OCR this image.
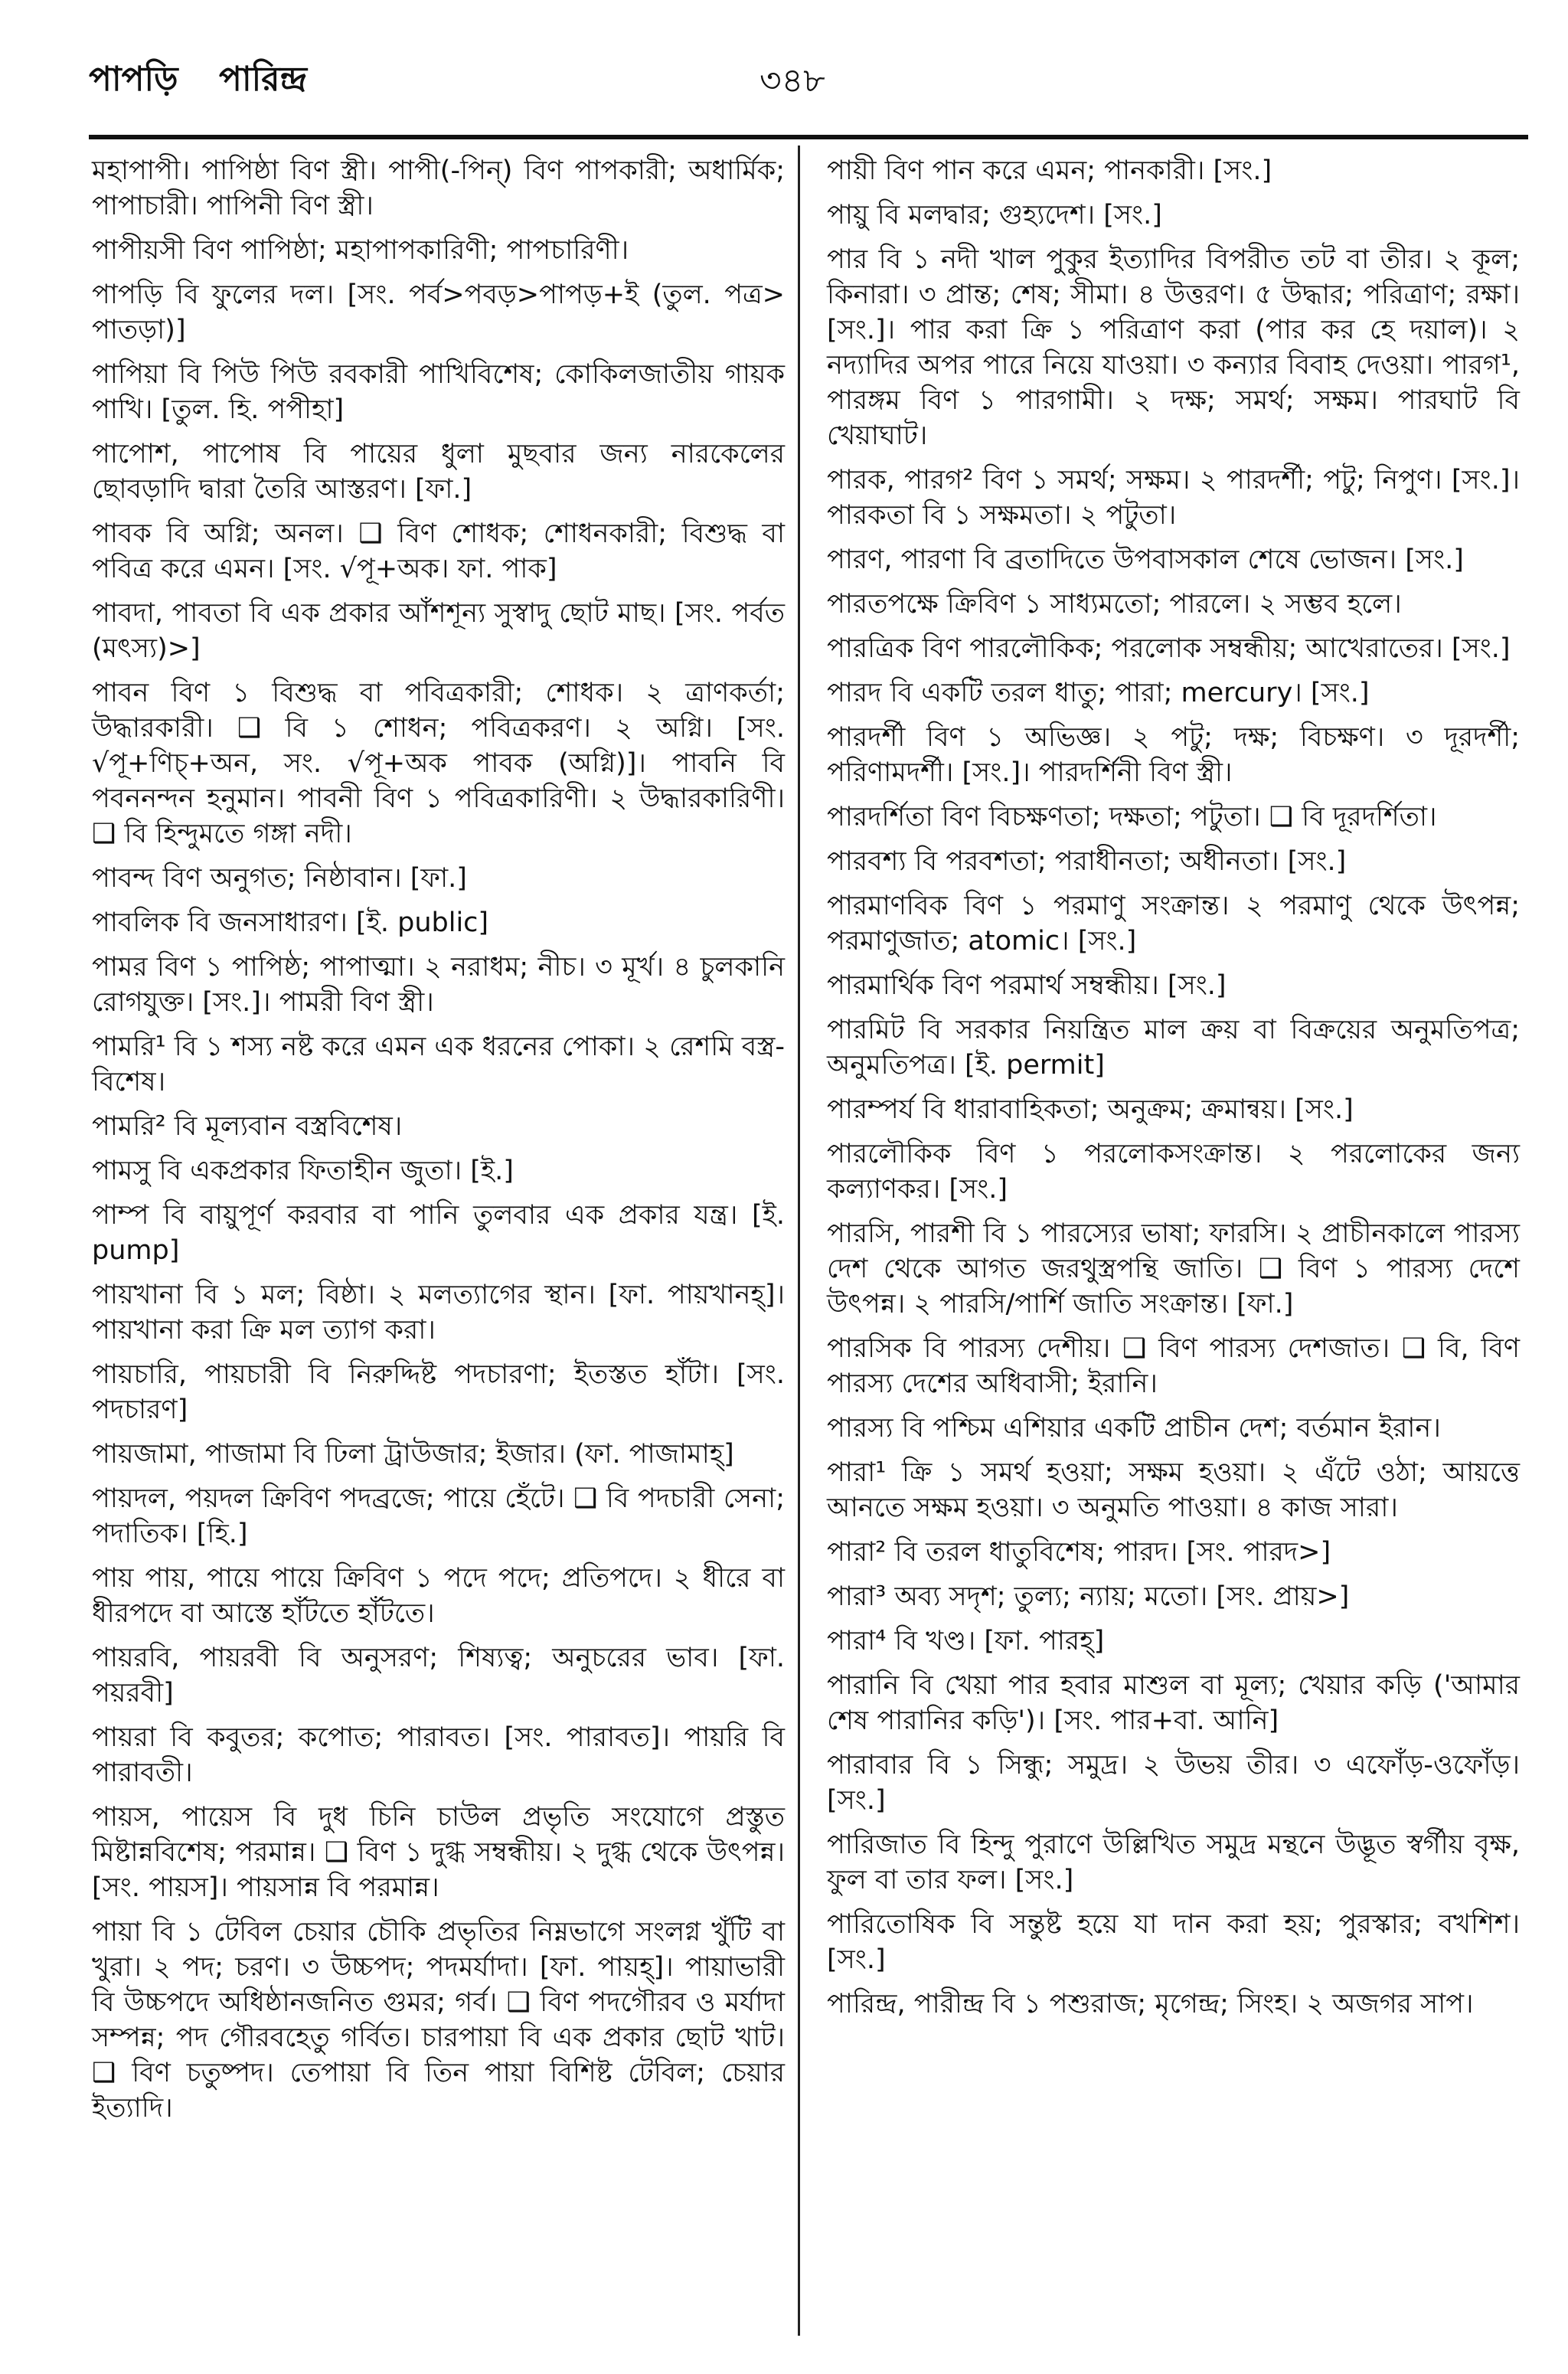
পাপড়ি পারিন্দ্র	৩৪৮

মহাপাপী। পাপিষ্ঠা বিণ স্ত্রী। পাপী(-পিন্‌) বিণ পাপকারী; অধার্মিক; পাপাচারী। পাপিনী বিণ স্ত্রী।

পাপীয়সী বিণ পাপিষ্ঠা; মহাপাপকারিণী; পাপচারিণী।

পাপড়ি বি ফুলের দল। [সং. পর্ব>পবড়>পাপড়+ই (তুল. পত্র> পাতড়া)]

পাপিয়া বি পিউ পিউ রবকারী পাখিবিশেষ; কোকিলজাতীয় গায়ক পাখি। [তুল. হি. পপীহা]

পাপোশ, পাপোষ বি পায়ের ধুলা মুছবার জন্য নারকেলের ছোবড়াদি দ্বারা তৈরি আস্তরণ। [ফা.]

পাবক বি অগ্নি; অনল। ❑ বিণ শোধক; শোধনকারী; বিশুদ্ধ বা পবিত্র করে এমন। [সং. √পূ+অক। ফা. পাক]

পাবদা, পাবতা বি এক প্রকার আঁশশূন্য সুস্বাদু ছোট মাছ। [সং. পর্বত (মৎস্য)>]

পাবন বিণ ১ বিশুদ্ধ বা পবিত্রকারী; শোধক। ২ ত্রাণকর্তা; উদ্ধারকারী। ❑ বি ১ শোধন; পবিত্রকরণ। ২ অগ্নি। [সং. √পূ+ণিচ্‌+অন, সং. √পূ+অক পাবক (অগ্নি)]। পাবনি বি পবননন্দন হনুমান। পাবনী বিণ ১ পবিত্রকারিণী। ২ উদ্ধারকারিণী। ❑ বি হিন্দুমতে গঙ্গা নদী।

পাবন্দ বিণ অনুগত; নিষ্ঠাবান। [ফা.]

পাবলিক বি জনসাধারণ। [ই. public]

পামর বিণ ১ পাপিষ্ঠ; পাপাত্মা। ২ নরাধম; নীচ। ৩ মূর্খ। ৪ চুলকানি রোগযুক্ত। [সং.]। পামরী বিণ স্ত্রী।

পামরি¹ বি ১ শস্য নষ্ট করে এমন এক ধরনের পোকা। ২ রেশমি বস্ত্র-বিশেষ।

পামরি² বি মূল্যবান বস্ত্রবিশেষ।

পামসু বি একপ্রকার ফিতাহীন জুতা। [ই.]

পাম্প বি বায়ুপূর্ণ করবার বা পানি তুলবার এক প্রকার যন্ত্র। [ই. pump]

পায়খানা বি ১ মল; বিষ্ঠা। ২ মলত্যাগের স্থান। [ফা. পায়খানহ্‌]। পায়খানা করা ক্রি মল ত্যাগ করা।

পায়চারি, পায়চারী বি নিরুদ্দিষ্ট পদচারণা; ইতস্তত হাঁটা। [সং. পদচারণ]

পায়জামা, পাজামা বি ঢিলা ট্রাউজার; ইজার। (ফা. পাজামাহ্‌]

পায়দল, পয়দল ক্রিবিণ পদব্রজে; পায়ে হেঁটে। ❑ বি পদচারী সেনা; পদাতিক। [হি.]

পায় পায়, পায়ে পায়ে ক্রিবিণ ১ পদে পদে; প্রতিপদে। ২ ধীরে বা ধীরপদে বা আস্তে হাঁটতে হাঁটতে।

পায়রবি, পায়রবী বি অনুসরণ; শিষ্যত্ব; অনুচরের ভাব। [ফা. পয়রবী]

পায়রা বি কবুতর; কপোত; পারাবত। [সং. পারাবত]। পায়রি বি পারাবতী।

পায়স, পায়েস বি দুধ চিনি চাউল প্রভৃতি সংযোগে প্রস্তুত মিষ্টান্নবিশেষ; পরমান্ন। ❑ বিণ ১ দুগ্ধ সম্বন্ধীয়। ২ দুগ্ধ থেকে উৎপন্ন। [সং. পায়স]। পায়সান্ন বি পরমান্ন।

পায়া বি ১ টেবিল চেয়ার চৌকি প্রভৃতির নিম্নভাগে সংলগ্ন খুঁটি বা খুরা। ২ পদ; চরণ। ৩ উচ্চপদ; পদমর্যাদা। [ফা. পায়হ্‌]। পায়াভারী বি উচ্চপদে অধিষ্ঠানজনিত গুমর; গর্ব। ❑ বিণ পদগৌরব ও মর্যাদা সম্পন্ন; পদ গৌরবহেতু গর্বিত। চারপায়া বি এক প্রকার ছোট খাট। ❑ বিণ চতুষ্পদ। তেপায়া বি তিন পায়া বিশিষ্ট টেবিল; চেয়ার ইত্যাদি।

পায়ী বিণ পান করে এমন; পানকারী। [সং.]

পায়ু বি মলদ্বার; গুহ্যদেশ। [সং.]

পার বি ১ নদী খাল পুকুর ইত্যাদির বিপরীত তট বা তীর। ২ কূল; কিনারা। ৩ প্রান্ত; শেষ; সীমা। ৪ উত্তরণ। ৫ উদ্ধার; পরিত্রাণ; রক্ষা। [সং.]। পার করা ক্রি ১ পরিত্রাণ করা (পার কর হে দয়াল)। ২ নদ্যাদির অপর পারে নিয়ে যাওয়া। ৩ কন্যার বিবাহ দেওয়া। পারগ¹, পারঙ্গম বিণ ১ পারগামী। ২ দক্ষ; সমর্থ; সক্ষম। পারঘাট বি খেয়াঘাট।

পারক, পারগ² বিণ ১ সমর্থ; সক্ষম। ২ পারদর্শী; পটু; নিপুণ। [সং.]। পারকতা বি ১ সক্ষমতা। ২ পটুতা।

পারণ, পারণা বি ব্রতাদিতে উপবাসকাল শেষে ভোজন। [সং.]

পারতপক্ষে ক্রিবিণ ১ সাধ্যমতো; পারলে। ২ সম্ভব হলে।

পারত্রিক বিণ পারলৌকিক; পরলোক সম্বন্ধীয়; আখেরাতের। [সং.]

পারদ বি একটি তরল ধাতু; পারা; mercury। [সং.]

পারদর্শী বিণ ১ অভিজ্ঞ। ২ পটু; দক্ষ; বিচক্ষণ। ৩ দূরদর্শী; পরিণামদর্শী। [সং.]। পারদর্শিনী বিণ স্ত্রী।

পারদর্শিতা বিণ বিচক্ষণতা; দক্ষতা; পটুতা। ❑ বি দূরদর্শিতা।

পারবশ্য বি পরবশতা; পরাধীনতা; অধীনতা। [সং.]

পারমাণবিক বিণ ১ পরমাণু সংক্রান্ত। ২ পরমাণু থেকে উৎপন্ন; পরমাণুজাত; atomic। [সং.]

পারমার্থিক বিণ পরমার্থ সম্বন্ধীয়। [সং.]

পারমিট বি সরকার নিয়ন্ত্রিত মাল ক্রয় বা বিক্রয়ের অনুমতিপত্র; অনুমতিপত্র। [ই. permit]

পারম্পর্য বি ধারাবাহিকতা; অনুক্রম; ক্রমান্বয়। [সং.]

পারলৌকিক বিণ ১ পরলোকসংক্রান্ত। ২ পরলোকের জন্য কল্যাণকর। [সং.]

পারসি, পারশী বি ১ পারস্যের ভাষা; ফারসি। ২ প্রাচীনকালে পারস্য দেশ থেকে আগত জরথুস্ত্রপন্থি জাতি। ❑ বিণ ১ পারস্য দেশে উৎপন্ন। ২ পারসি/পার্শি জাতি সংক্রান্ত। [ফা.]

পারসিক বি পারস্য দেশীয়। ❑ বিণ পারস্য দেশজাত। ❑ বি, বিণ পারস্য দেশের অধিবাসী; ইরানি।

পারস্য বি পশ্চিম এশিয়ার একটি প্রাচীন দেশ; বর্তমান ইরান।

পারা¹ ক্রি ১ সমর্থ হওয়া; সক্ষম হওয়া। ২ এঁটে ওঠা; আয়ত্তে আনতে সক্ষম হওয়া। ৩ অনুমতি পাওয়া। ৪ কাজ সারা।

পারা² বি তরল ধাতুবিশেষ; পারদ। [সং. পারদ>]

পারা³ অব্য সদৃশ; তুল্য; ন্যায়; মতো। [সং. প্রায়>]

পারা⁴ বি খণ্ড। [ফা. পারহ্‌]

পারানি বি খেয়া পার হবার মাশুল বা মূল্য; খেয়ার কড়ি ('আমার শেষ পারানির কড়ি')। [সং. পার+বা. আনি]

পারাবার বি ১ সিন্ধু; সমুদ্র। ২ উভয় তীর। ৩ এফোঁড়-ওফোঁড়। [সং.]

পারিজাত বি হিন্দু পুরাণে উল্লিখিত সমুদ্র মন্থনে উদ্ভূত স্বর্গীয় বৃক্ষ, ফুল বা তার ফল। [সং.]

পারিতোষিক বি সন্তুষ্ট হয়ে যা দান করা হয়; পুরস্কার; বখশিশ। [সং.]

পারিন্দ্র, পারীন্দ্র বি ১ পশুরাজ; মৃগেন্দ্র; সিংহ। ২ অজগর সাপ।
